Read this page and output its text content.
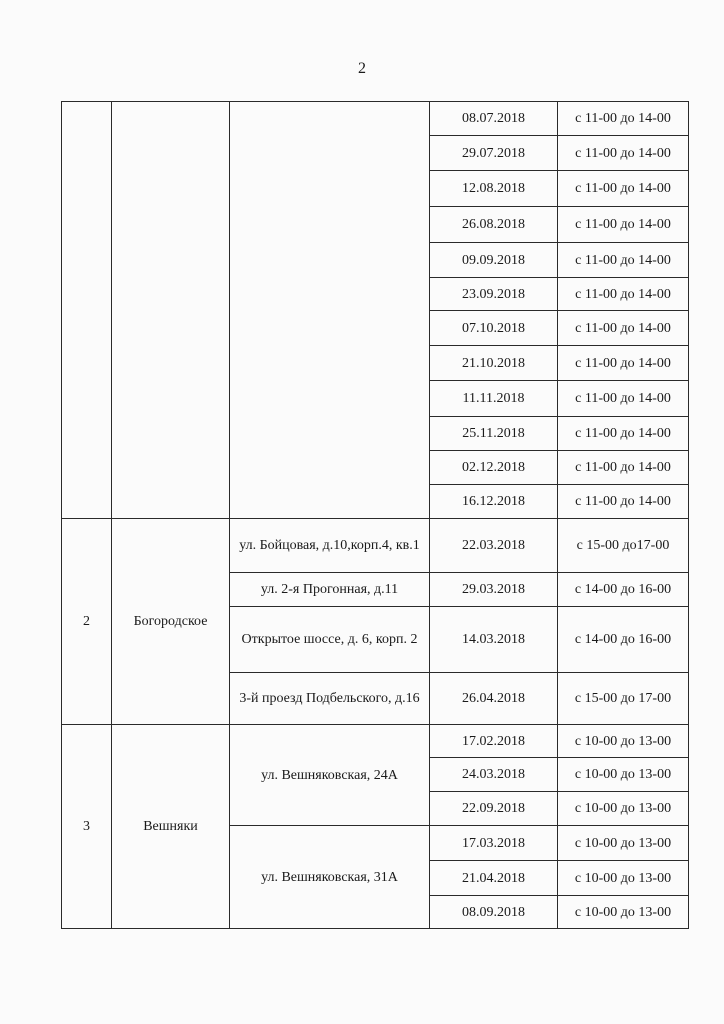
2
			08.07.2018	с 11-00 до 14-00
			29.07.2018	с 11-00 до 14-00
			12.08.2018	с 11-00 до 14-00
			26.08.2018	с 11-00 до 14-00
			09.09.2018	с 11-00 до 14-00
			23.09.2018	с 11-00 до 14-00
			07.10.2018	с 11-00 до 14-00
			21.10.2018	с 11-00 до 14-00
			11.11.2018	с 11-00 до 14-00
			25.11.2018	с 11-00 до 14-00
			02.12.2018	с 11-00 до 14-00
			16.12.2018	с 11-00 до 14-00
2	Богородское	ул. Бойцовая, д.10,корп.4, кв.1	22.03.2018	с 15-00 до17-00
		ул. 2-я Прогонная, д.11	29.03.2018	с 14-00 до 16-00
		Открытое шоссе, д. 6, корп. 2	14.03.2018	с 14-00 до 16-00
		3-й проезд Подбельского, д.16	26.04.2018	с 15-00 до 17-00
3	Вешняки	ул. Вешняковская, 24А	17.02.2018	с 10-00 до 13-00
			24.03.2018	с 10-00 до 13-00
			22.09.2018	с 10-00 до 13-00
		ул. Вешняковская, 31А	17.03.2018	с 10-00 до 13-00
			21.04.2018	с 10-00 до 13-00
			08.09.2018	с 10-00 до 13-00
